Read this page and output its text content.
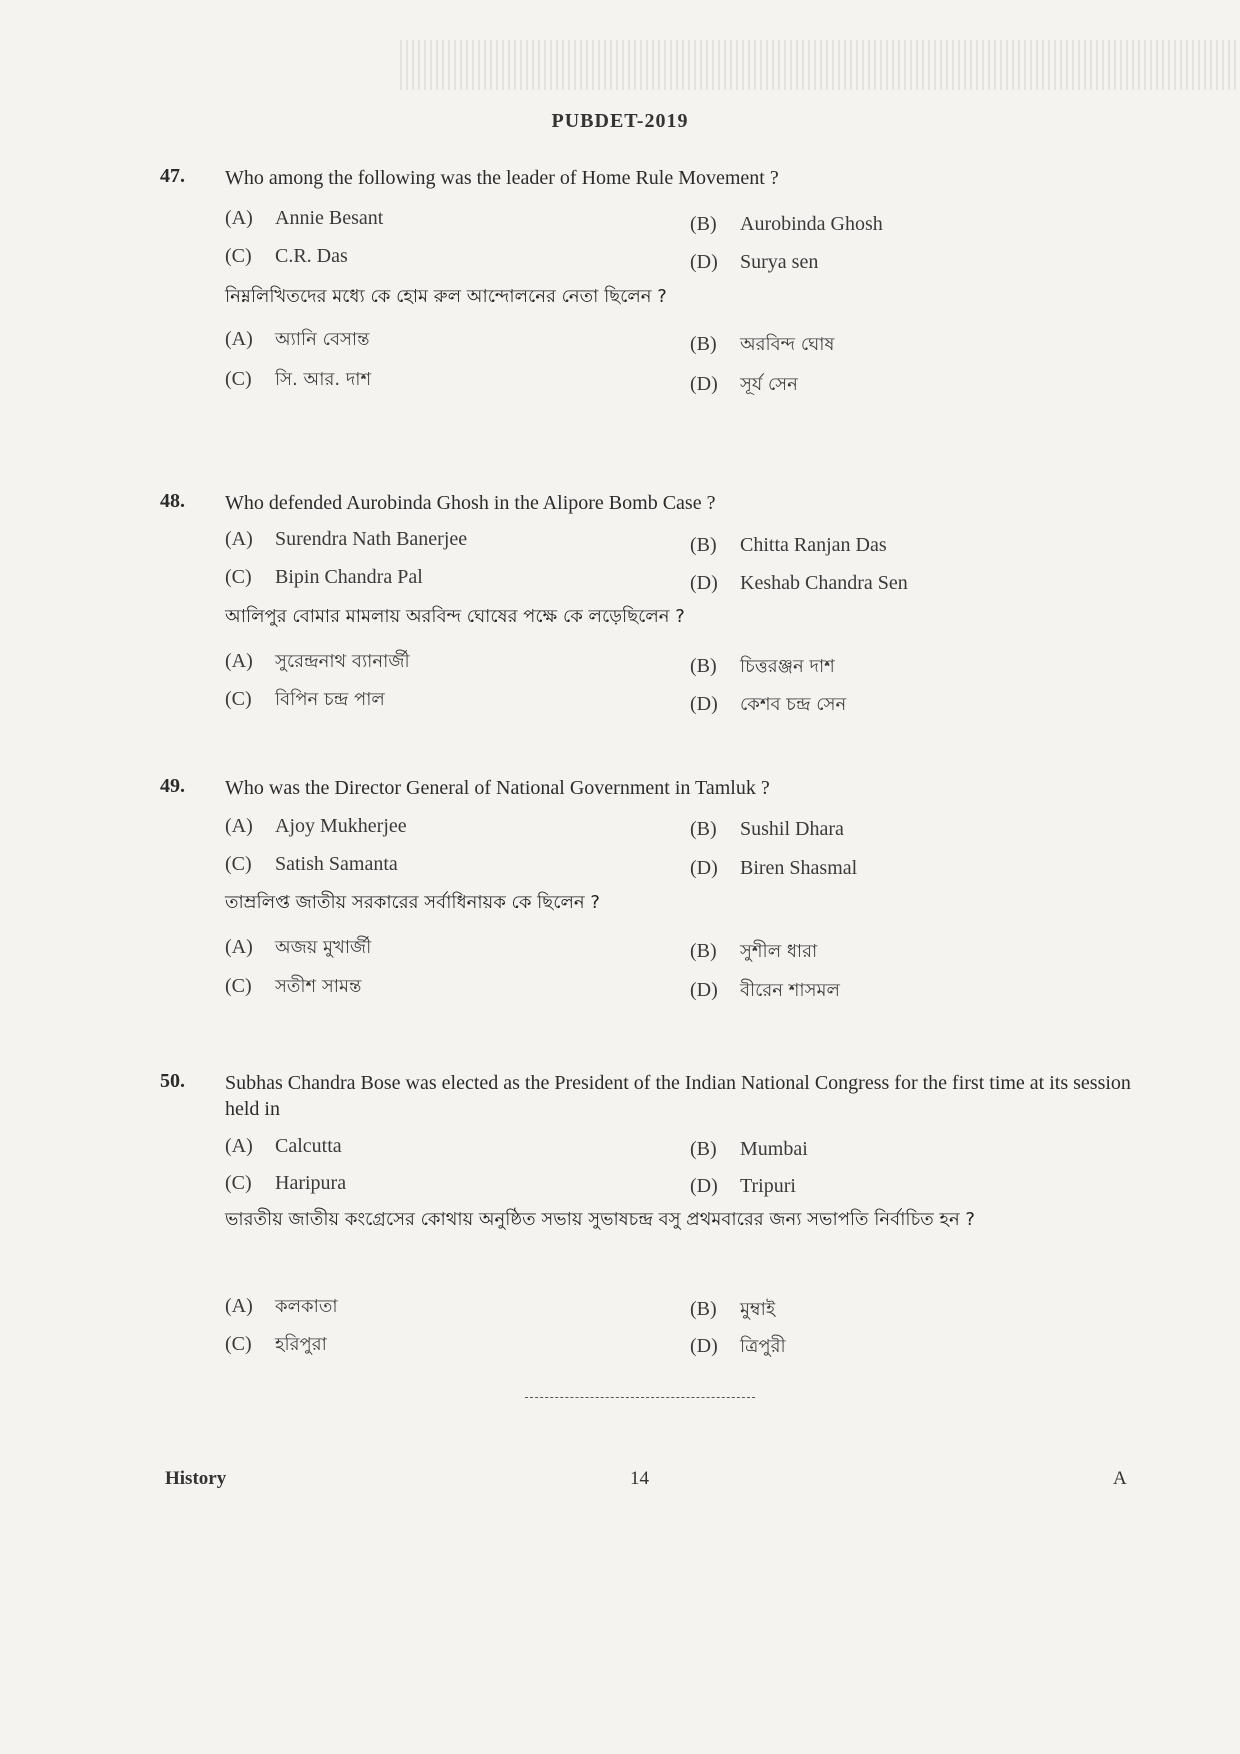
PUBDET-2019
47.	Who among the following was the leader of Home Rule Movement ?
(A) Annie Besant	(B) Aurobinda Ghosh
(C) C.R. Das	(D) Surya sen
নিম্নলিখিতদের মধ্যে কে হোম রুল আন্দোলনের নেতা ছিলেন ?
(A) অ্যানি বেসান্ত	(B) অরবিন্দ ঘোষ
(C) সি. আর. দাশ	(D) সূর্য সেন
48.	Who defended Aurobinda Ghosh in the Alipore Bomb Case ?
(A) Surendra Nath Banerjee	(B) Chitta Ranjan Das
(C) Bipin Chandra Pal	(D) Keshab Chandra Sen
আলিপুর বোমার মামলায় অরবিন্দ ঘোষের পক্ষে কে লড়েছিলেন ?
(A) সুরেন্দ্রনাথ ব্যানার্জী	(B) চিত্তরঞ্জন দাশ
(C) বিপিন চন্দ্র পাল	(D) কেশব চন্দ্র সেন
49.	Who was the Director General of National Government in Tamluk ?
(A) Ajoy Mukherjee	(B) Sushil Dhara
(C) Satish Samanta	(D) Biren Shasmal
তাম্রলিপ্ত জাতীয় সরকারের সর্বাধিনায়ক কে ছিলেন ?
(A) অজয় মুখার্জী	(B) সুশীল ধারা
(C) সতীশ সামন্ত	(D) বীরেন শাসমল
50.	Subhas Chandra Bose was elected as the President of the Indian National Congress for the first time at its session held in
(A) Calcutta	(B) Mumbai
(C) Haripura	(D) Tripuri
ভারতীয় জাতীয় কংগ্রেসের কোথায় অনুষ্ঠিত সভায় সুভাষচন্দ্র বসু প্রথমবারের জন্য সভাপতি নির্বাচিত হন ?
(A) কলকাতা	(B) মুম্বাই
(C) হরিপুরা	(D) ত্রিপুরী
History	14	A
